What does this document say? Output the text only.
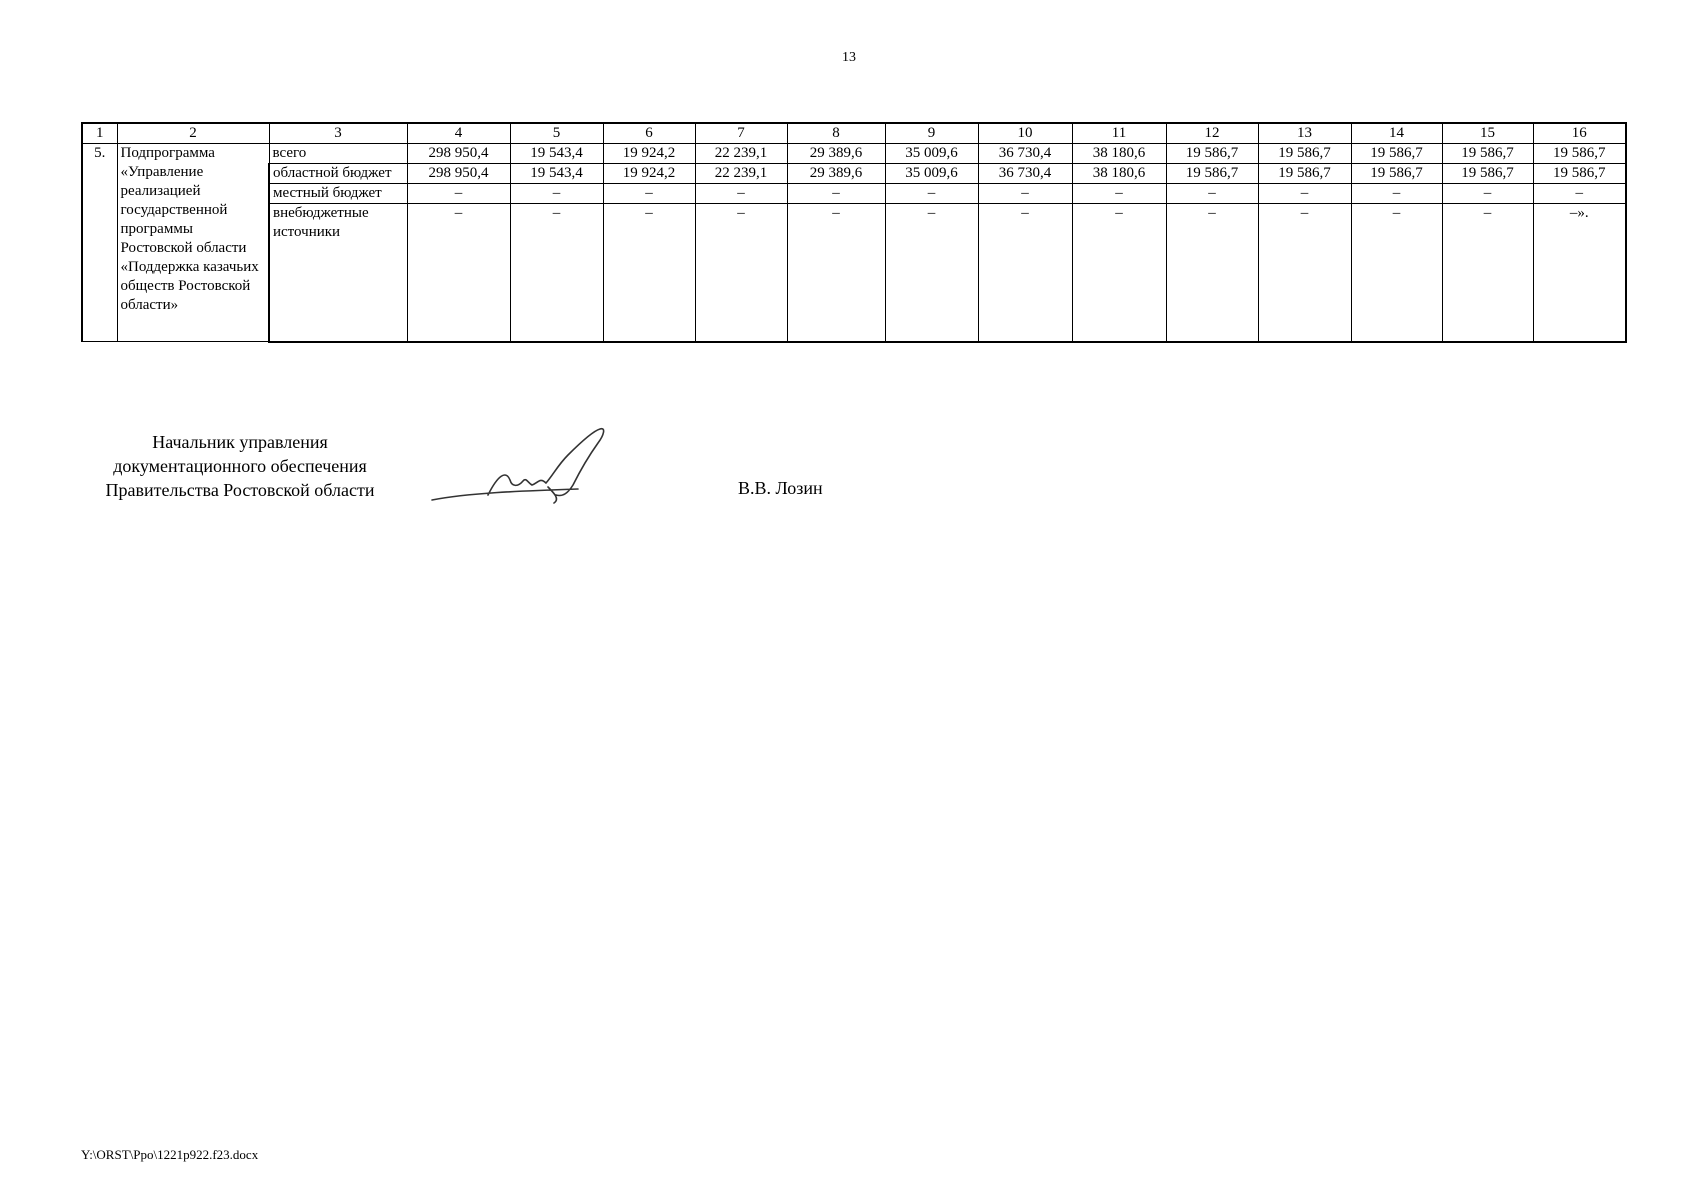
13
1	2	3	4	5	6	7	8	9	10	11	12	13	14	15	16
5.	Подпрограмма «Управление реализацией государственной программы Ростовской области «Поддержка казачьих обществ Ростовской области»	всего	298 950,4	19 543,4	19 924,2	22 239,1	29 389,6	35 009,6	36 730,4	38 180,6	19 586,7	19 586,7	19 586,7	19 586,7	19 586,7
		областной бюджет	298 950,4	19 543,4	19 924,2	22 239,1	29 389,6	35 009,6	36 730,4	38 180,6	19 586,7	19 586,7	19 586,7	19 586,7	19 586,7
		местный бюджет	–	–	–	–	–	–	–	–	–	–	–	–	–
		внебюджетные источники	–	–	–	–	–	–	–	–	–	–	–	–	–».
Начальник управления
документационного обеспечения
Правительства Ростовской области	В.В. Лозин
Y:\ORST\Ppo\1221p922.f23.docx
